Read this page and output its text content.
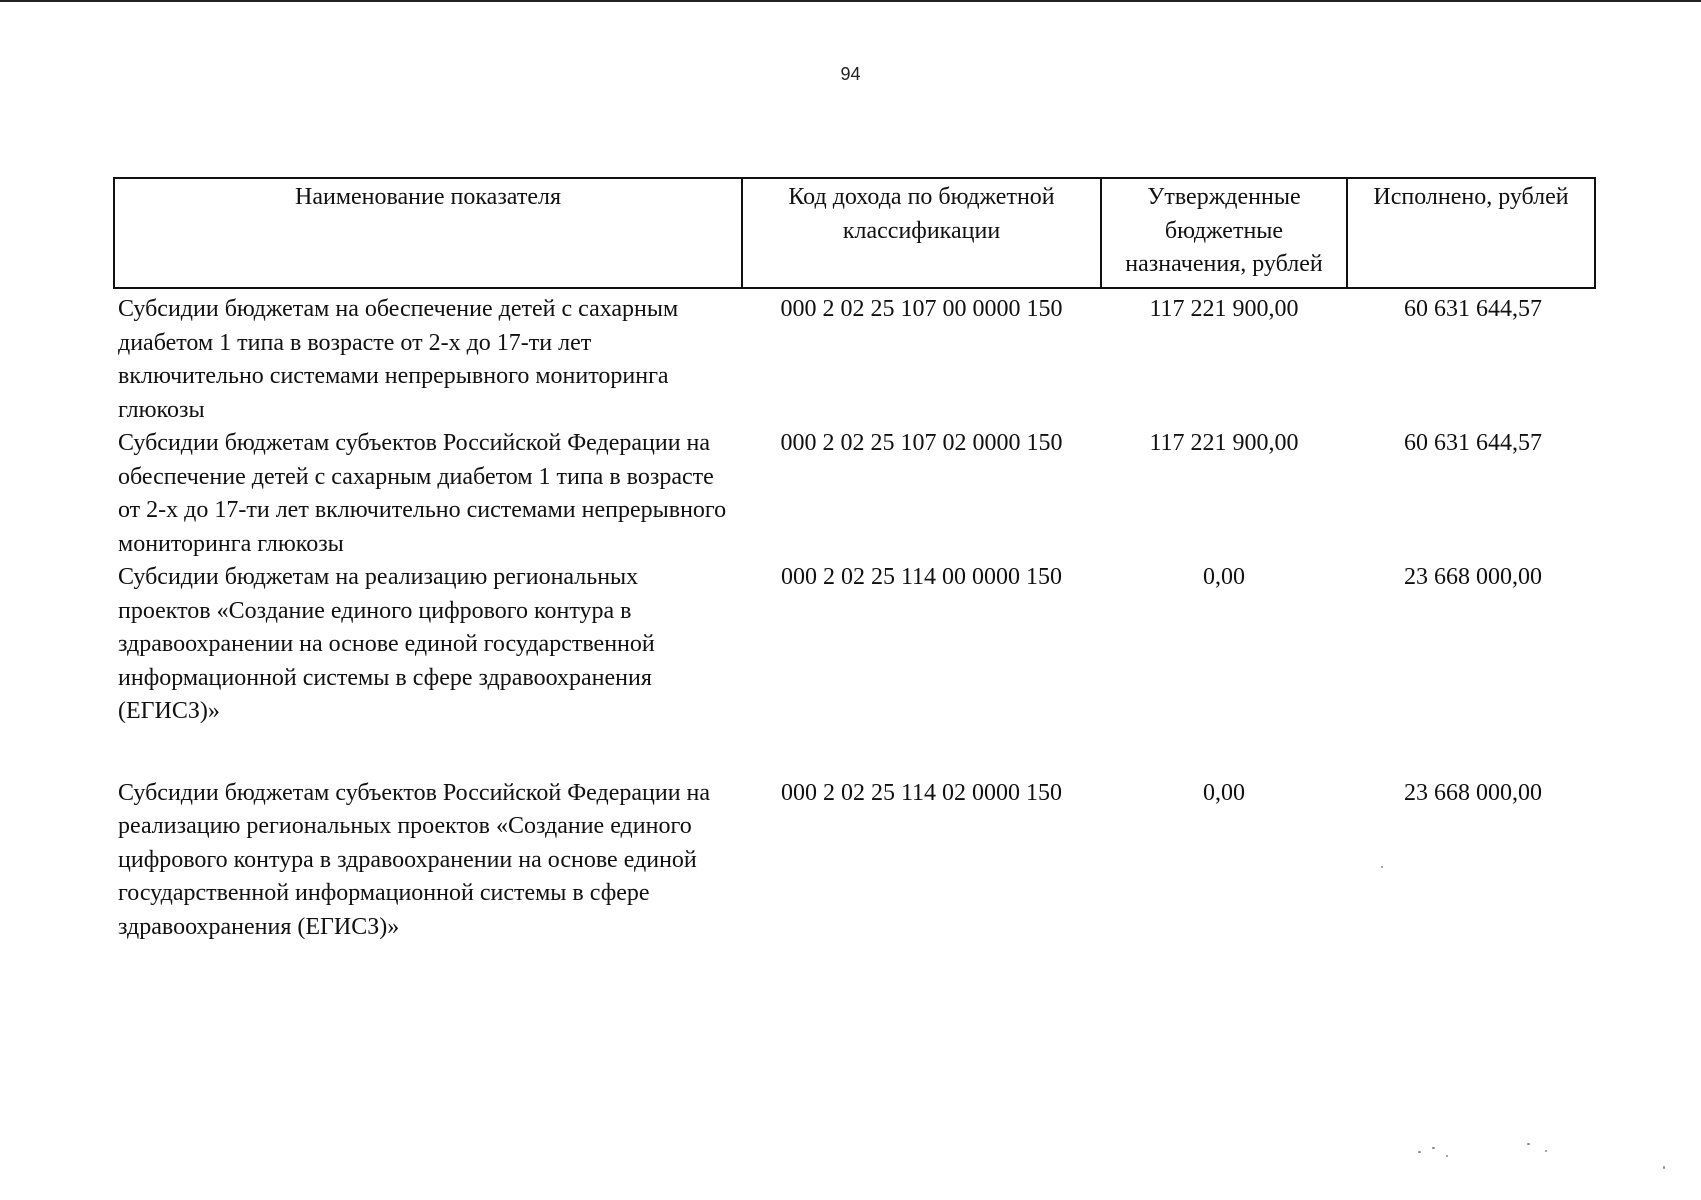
94
Наименование показателя	Код дохода по бюджетной классификации	Утвержденные бюджетные назначения, рублей	Исполнено, рублей
Субсидии бюджетам на обеспечение детей с сахарным диабетом 1 типа в возрасте от 2-х до 17-ти лет включительно системами непрерывного мониторинга глюкозы	000 2 02 25 107 00 0000 150	117 221 900,00	60 631 644,57
Субсидии бюджетам субъектов Российской Федерации на обеспечение детей с сахарным диабетом 1 типа в возрасте от 2-х до 17-ти лет включительно системами непрерывного мониторинга глюкозы	000 2 02 25 107 02 0000 150	117 221 900,00	60 631 644,57
Субсидии бюджетам на реализацию региональных проектов «Создание единого цифрового контура в здравоохранении на основе единой государственной информационной системы в сфере здравоохранения (ЕГИСЗ)»	000 2 02 25 114 00 0000 150	0,00	23 668 000,00
Субсидии бюджетам субъектов Российской Федерации на реализацию региональных проектов «Создание единого цифрового контура в здравоохранении на основе единой государственной информационной системы в сфере здравоохранения (ЕГИСЗ)»	000 2 02 25 114 02 0000 150	0,00	23 668 000,00
